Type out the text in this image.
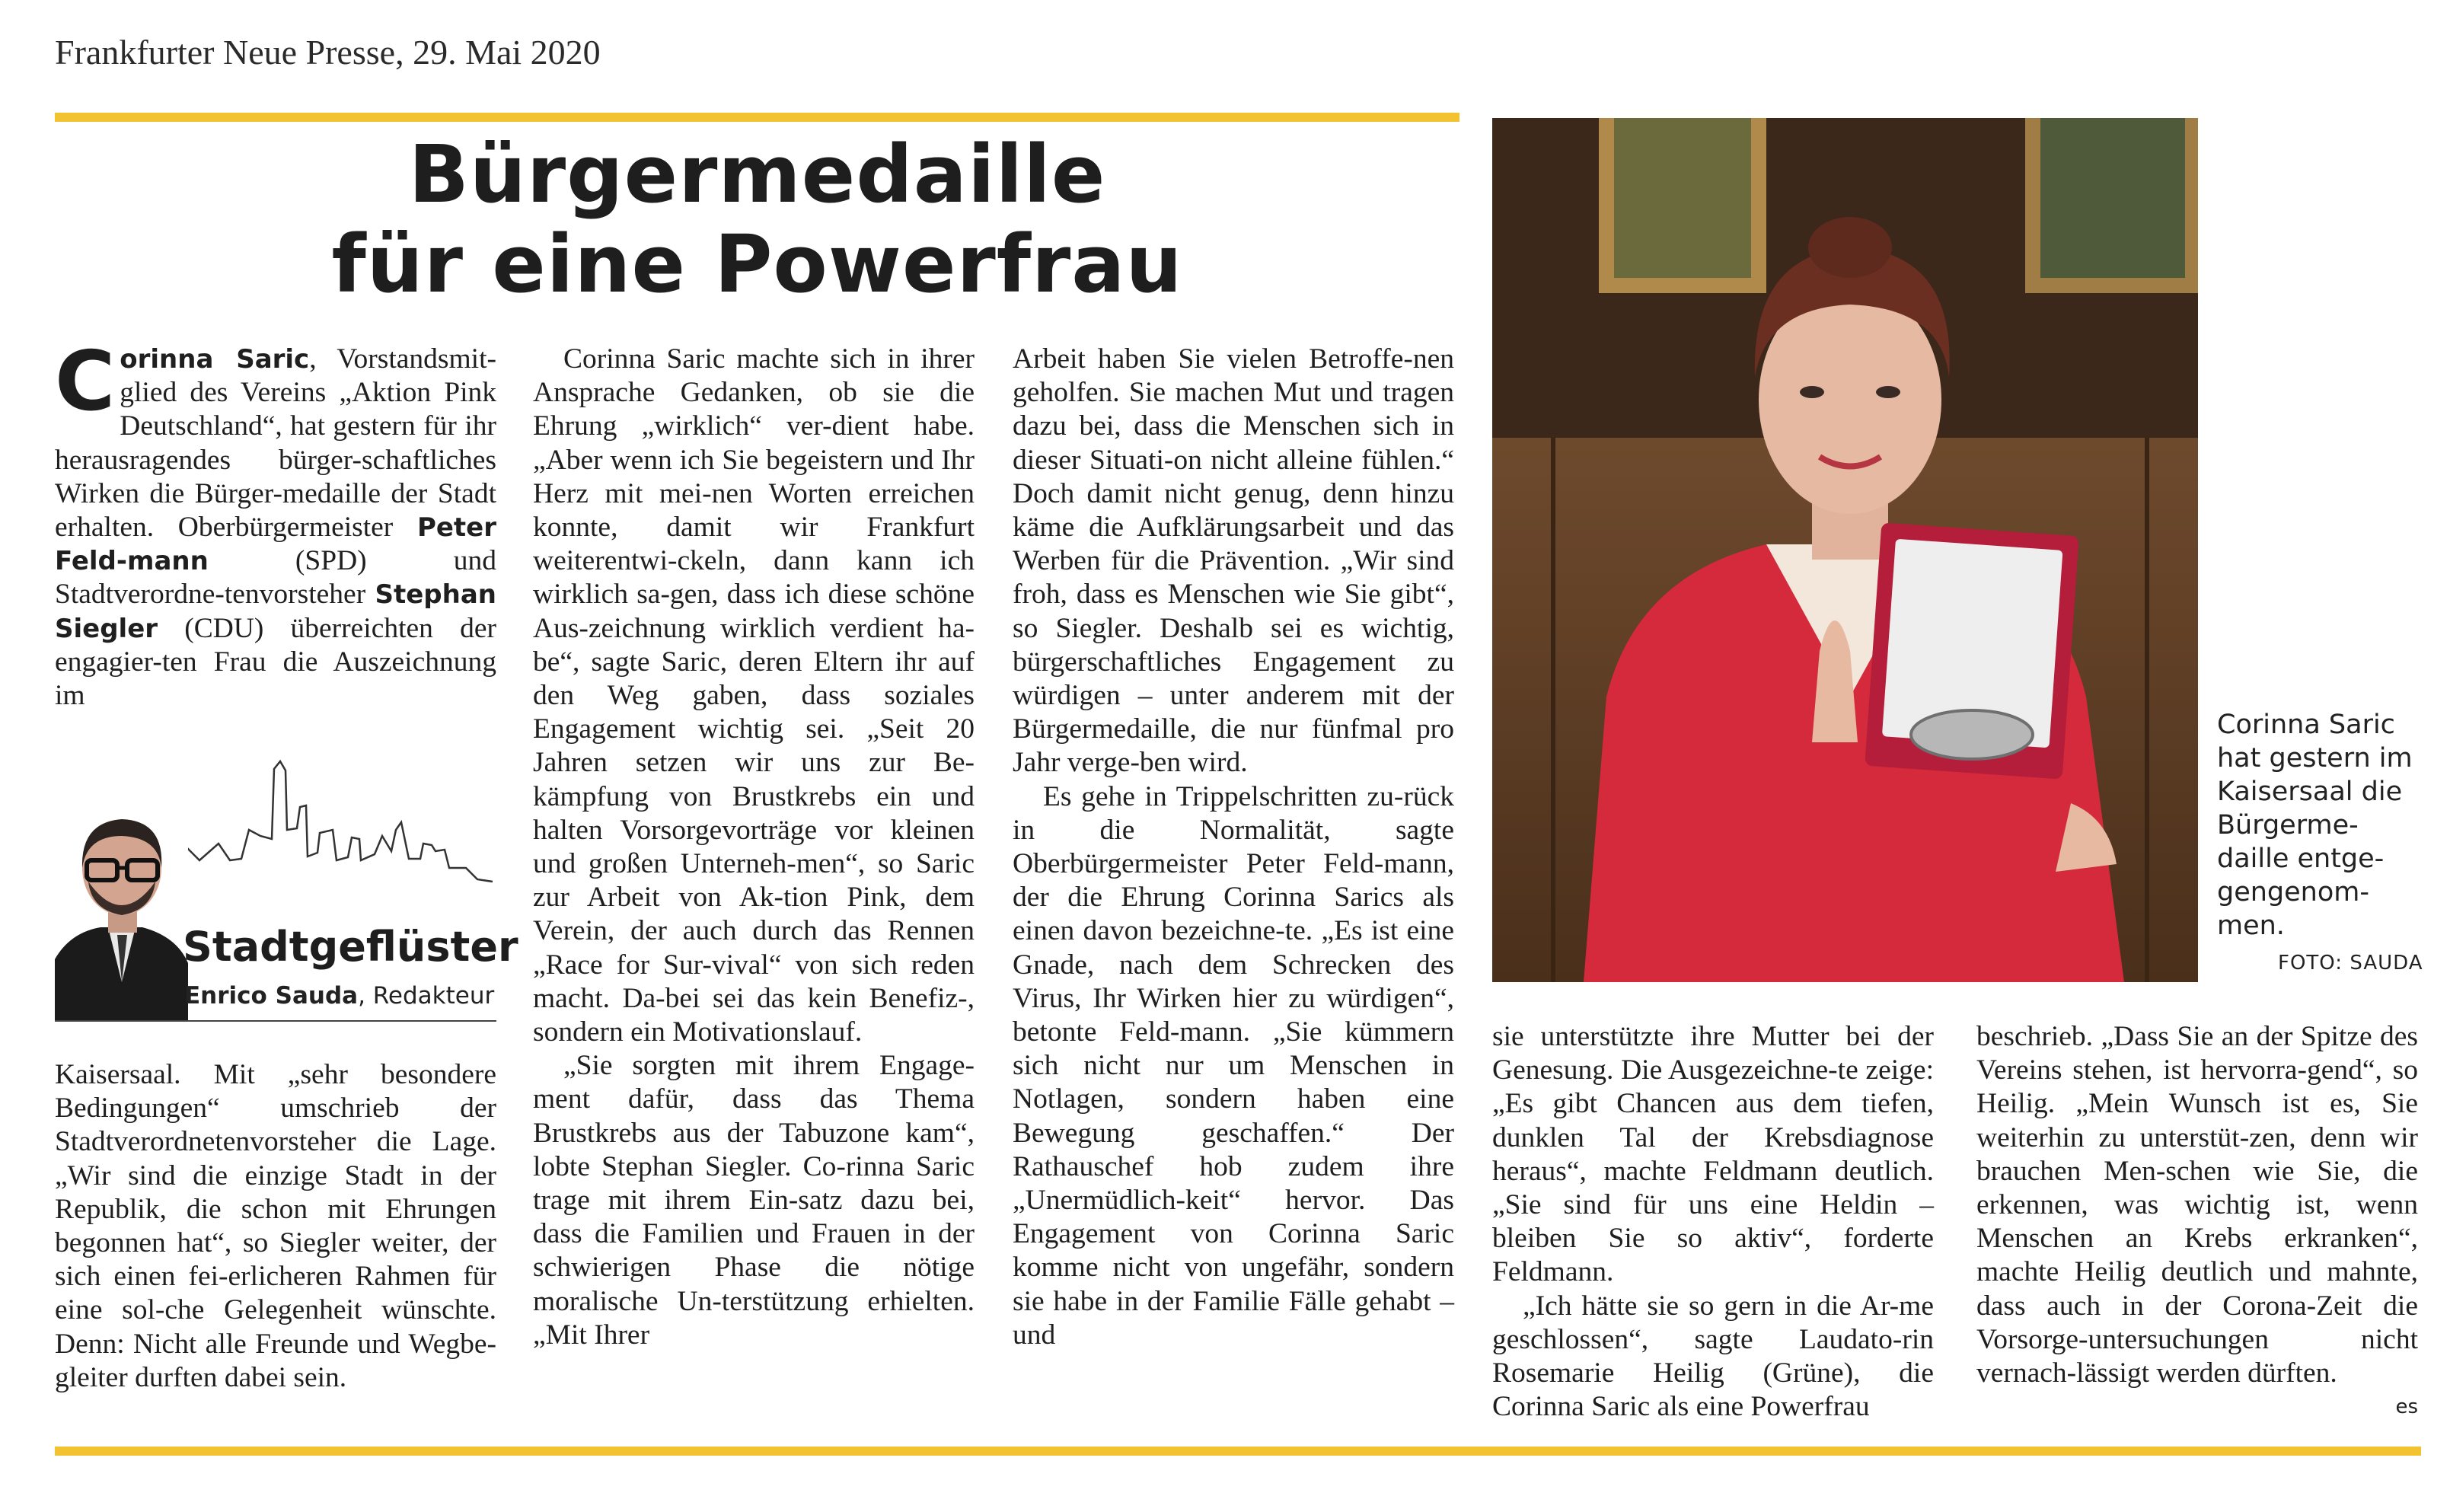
Frankfurter Neue Presse, 29. Mai 2020
Bürgermedaille
für eine Powerfrau

Corinna Saric, Vorstandsmit-glied des Vereins „Aktion Pink Deutschland“, hat gestern für ihr herausragendes bürger-schaftliches Wirken die Bürger-medaille der Stadt erhalten. Oberbürgermeister Peter Feld-mann (SPD) und Stadtverordne-tenvorsteher Stephan Siegler (CDU) überreichten der engagier-ten Frau die Auszeichnung im

Stadtgeflüster
Enrico Sauda, Redakteur

Kaisersaal. Mit „sehr besondere Bedingungen“ umschrieb der Stadtverordnetenvorsteher die Lage. „Wir sind die einzige Stadt in der Republik, die schon mit Ehrungen begonnen hat“, so Siegler weiter, der sich einen fei-erlicheren Rahmen für eine sol-che Gelegenheit wünschte. Denn: Nicht alle Freunde und Wegbe-gleiter durften dabei sein.

Corinna Saric machte sich in ihrer Ansprache Gedanken, ob sie die Ehrung „wirklich“ ver-dient habe. „Aber wenn ich Sie begeistern und Ihr Herz mit mei-nen Worten erreichen konnte, damit wir Frankfurt weiterentwi-ckeln, dann kann ich wirklich sa-gen, dass ich diese schöne Aus-zeichnung wirklich verdient ha-be“, sagte Saric, deren Eltern ihr auf den Weg gaben, dass soziales Engagement wichtig sei. „Seit 20 Jahren setzen wir uns zur Be-kämpfung von Brustkrebs ein und halten Vorsorgevorträge vor kleinen und großen Unterneh-men“, so Saric zur Arbeit von Ak-tion Pink, dem Verein, der auch durch das Rennen „Race for Sur-vival“ von sich reden macht. Da-bei sei das kein Benefiz-, sondern ein Motivationslauf.

„Sie sorgten mit ihrem Engage-ment dafür, dass das Thema Brustkrebs aus der Tabuzone kam“, lobte Stephan Siegler. Co-rinna Saric trage mit ihrem Ein-satz dazu bei, dass die Familien und Frauen in der schwierigen Phase die nötige moralische Un-terstützung erhielten. „Mit Ihrer

Arbeit haben Sie vielen Betroffe-nen geholfen. Sie machen Mut und tragen dazu bei, dass die Menschen sich in dieser Situati-on nicht alleine fühlen.“ Doch damit nicht genug, denn hinzu käme die Aufklärungsarbeit und das Werben für die Prävention. „Wir sind froh, dass es Menschen wie Sie gibt“, so Siegler. Deshalb sei es wichtig, bürgerschaftliches Engagement zu würdigen – unter anderem mit der Bürgermedaille, die nur fünfmal pro Jahr verge-ben wird.

Es gehe in Trippelschritten zu-rück in die Normalität, sagte Oberbürgermeister Peter Feld-mann, der die Ehrung Corinna Sarics als einen davon bezeichne-te. „Es ist eine Gnade, nach dem Schrecken des Virus, Ihr Wirken hier zu würdigen“, betonte Feld-mann. „Sie kümmern sich nicht nur um Menschen in Notlagen, sondern haben eine Bewegung geschaffen.“ Der Rathauschef hob zudem ihre „Unermüdlich-keit“ hervor. Das Engagement von Corinna Saric komme nicht von ungefähr, sondern sie habe in der Familie Fälle gehabt – und

Corinna Saric hat gestern im Kaisersaal die Bürgerme-daille entge-gengenom-men.
FOTO: SAUDA

sie unterstützte ihre Mutter bei der Genesung. Die Ausgezeichne-te zeige: „Es gibt Chancen aus dem tiefen, dunklen Tal der Krebsdiagnose heraus“, machte Feldmann deutlich. „Sie sind für uns eine Heldin – bleiben Sie so aktiv“, forderte Feldmann.

„Ich hätte sie so gern in die Ar-me geschlossen“, sagte Laudato-rin Rosemarie Heilig (Grüne), die Corinna Saric als eine Powerfrau

beschrieb. „Dass Sie an der Spitze des Vereins stehen, ist hervorra-gend“, so Heilig. „Mein Wunsch ist es, Sie weiterhin zu unterstüt-zen, denn wir brauchen Men-schen wie Sie, die erkennen, was wichtig ist, wenn Menschen an Krebs erkranken“, machte Heilig deutlich und mahnte, dass auch in der Corona-Zeit die Vorsorge-untersuchungen nicht vernach-lässigt werden dürften.

es
